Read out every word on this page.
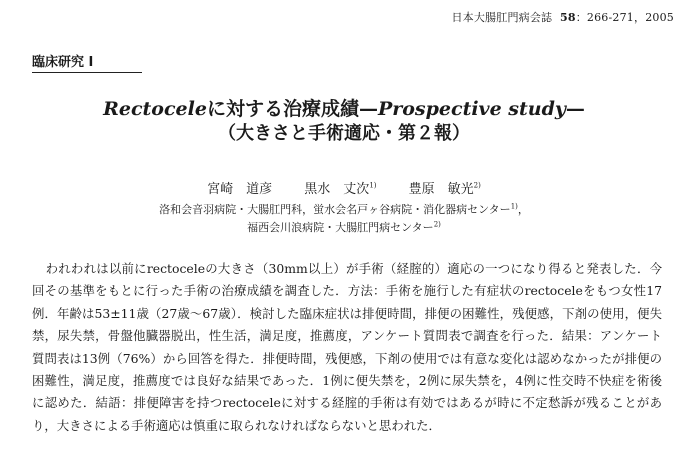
日本大腸肛門病会誌 58：266-271，2005
臨床研究 I
Rectoceleに対する治療成績—Prospective study—
（大きさと手術適応・第２報）
宮崎　道彦 黒水　丈次$^{1)}$ 豊原　敏光$^{2)}$
洛和会音羽病院・大腸肛門科，蛍水会名戸ヶ谷病院・消化器病センター$^{1)}$，
福西会川浪病院・大腸肛門病センター$^{2)}$

われわれは以前にrectoceleの大きさ（30mm以上）が手術（経腟的）適応の一つになり得ると発表した．今回その基準をもとに行った手術の治療成績を調査した．方法：手術を施行した有症状のrectoceleをもつ女性17例．年齢は53±11歳（27歳〜67歳）．検討した臨床症状は排便時間，排便の困難性，残便感，下剤の使用，便失禁，尿失禁，骨盤他臓器脱出，性生活，満足度，推薦度，アンケート質問表で調査を行った．結果：アンケート質問表は13例（76%）から回答を得た．排便時間，残便感，下剤の使用では有意な変化は認めなかったが排便の困難性，満足度，推薦度では良好な結果であった．1例に便失禁を，2例に尿失禁を，4例に性交時不快症を術後に認めた．結語：排便障害を持つrectoceleに対する経腟的手術は有効ではあるが時に不定愁訴が残ることがあり，大きさによる手術適応は慎重に取られなければならないと思われた．
